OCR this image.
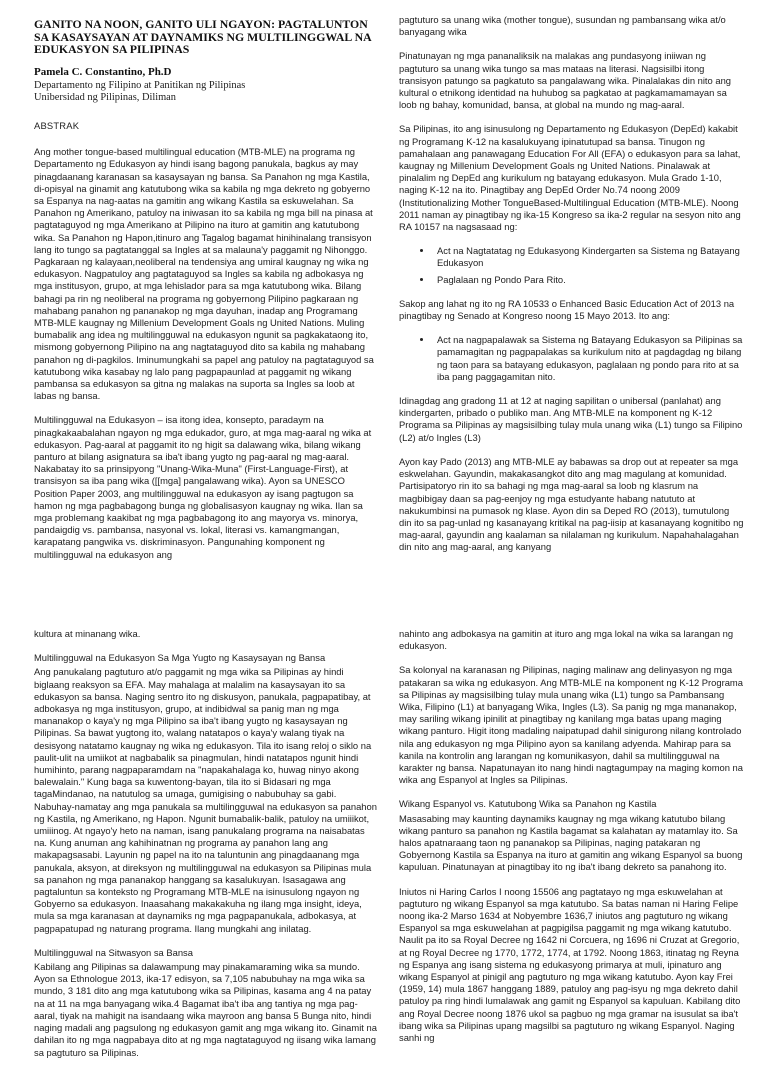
GANITO NA NOON, GANITO ULI NGAYON: PAGTALUNTON SA KASAYSAYAN AT DAYNAMIKS NG MULTILINGGWAL NA EDUKASYON SA PILIPINAS
Pamela C. Constantino, Ph.D
Departamento ng Filipino at Panitikan ng Pilipinas
Unibersidad ng Pilipinas, Diliman
ABSTRAK

Ang mother tongue-based multilingual education (MTB-MLE) na programa ng Departamento ng Edukasyon ay hindi isang bagong panukala, bagkus ay may pinagdaanang karanasan sa kasaysayan ng bansa. Sa Panahon ng mga Kastila, di-opisyal na ginamit ang katutubong wika sa kabila ng mga dekreto ng gobyerno sa Espanya na nag-aatas na gamitin ang wikang Kastila sa eskuwelahan. Sa Panahon ng Amerikano, patuloy na iniwasan ito sa kabila ng mga bill na pinasa at pagtataguyod ng mga Amerikano at Pilipino na ituro at gamitin ang katutubong wika. Sa Panahon ng Hapon,itinuro ang Tagalog bagamat hinihinalang transisyon lang ito tungo sa pagtatanggal sa Ingles at sa malauna'y paggamit ng Nihonggo. Pagkaraan ng kalayaan,neoliberal na tendensiya ang umiral kaugnay ng wika ng edukasyon. Nagpatuloy ang pagtataguyod sa Ingles sa kabila ng adbokasya ng mga institusyon, grupo, at mga lehislador para sa mga katutubong wika. Bilang bahagi pa rin ng neoliberal na programa ng gobyernong Pilipino pagkaraan ng mahabang panahon ng pananakop ng mga dayuhan, inadap ang Programang MTB-MLE kaugnay ng Millenium Development Goals ng United Nations. Muling bumabalik ang idea ng multilingguwal na edukasyon ngunit sa pagkakataong ito, mismong gobyernong Pilipino na ang nagtataguyod dito sa kabila ng mahabang panahon ng di-pagkilos. Iminumungkahi sa papel ang patuloy na pagtataguyod sa katutubong wika kasabay ng lalo pang pagpapaunlad at paggamit ng wikang pambansa sa edukasyon sa gitna ng malakas na suporta sa Ingles sa loob at labas ng bansa.

Multilingguwal na Edukasyon – isa itong idea, konsepto, paradaym na pinagkakaabalahan ngayon ng mga edukador, guro, at mga mag-aaral ng wika at edukasyon. Pag-aaral at paggamit ito ng higit sa dalawang wika, bilang wikang panturo at bilang asignatura sa iba't ibang yugto ng pag-aaral ng mag-aaral. Nakabatay ito sa prinsipyong "Unang-Wika-Muna" (First-Language-First), at transisyon sa iba pang wika ([[mga] pangalawang wika). Ayon sa UNESCO Position Paper 2003, ang multilingguwal na edukasyon ay isang pagtugon sa hamon ng mga pagbabagong bunga ng globalisasyon kaugnay ng wika. Ilan sa mga problemang kaakibat ng mga pagbabagong ito ang mayorya vs. minorya, pandaigdig vs. pambansa, nasyonal vs. lokal, literasi vs. kamangmangan, karapatang pangwika vs. diskriminasyon. Pangunahing komponent ng multilingguwal na edukasyon ang

pagtuturo sa unang wika (mother tongue), susundan ng pambansang wika at/o banyagang wika

Pinatunayan ng mga pananaliksik na malakas ang pundasyong iniiwan ng pagtuturo sa unang wika tungo sa mas mataas na literasi. Nagsisilbi itong transisyon patungo sa pagkatuto sa pangalawang wika. Pinalalakas din nito ang kultural o etnikong identidad na huhubog sa pagkatao at pagkamamamayan sa loob ng bahay, komunidad, bansa, at global na mundo ng mag-aaral.

Sa Pilipinas, ito ang isinusulong ng Departamento ng Edukasyon (DepEd) kakabit ng Programang K-12 na kasalukuyang ipinatutupad sa bansa. Tinugon ng pamahalaan ang panawagang Education For All (EFA) o edukasyon para sa lahat, kaugnay ng Millenium Development Goals ng United Nations. Pinalawak at pinalalim ng DepEd ang kurikulum ng batayang edukasyon. Mula Grado 1-10, naging K-12 na ito. Pinagtibay ang DepEd Order No.74 noong 2009 (Institutionalizing Mother TongueBased-Multilingual Education (MTB-MLE). Noong 2011 naman ay pinagtibay ng ika-15 Kongreso sa ika-2 regular na sesyon nito ang RA 10157 na nagsasaad ng:

• Act na Nagtatatag ng Edukasyong Kindergarten sa Sistema ng Batayang Edukasyon
• Paglalaan ng Pondo Para Rito.

Sakop ang lahat ng ito ng RA 10533 o Enhanced Basic Education Act of 2013 na pinagtibay ng Senado at Kongreso noong 15 Mayo 2013. Ito ang:

• Act na nagpapalawak sa Sistema ng Batayang Edukasyon sa Pilipinas sa pamamagitan ng pagpapalakas sa kurikulum nito at pagdagdag ng bilang ng taon para sa batayang edukasyon, paglalaan ng pondo para rito at sa iba pang paggagamitan nito.

Idinagdag ang gradong 11 at 12 at naging sapilitan o unibersal (panlahat) ang kindergarten, pribado o publiko man. Ang MTB-MLE na komponent ng K-12 Programa sa Pilipinas ay magsisilbing tulay mula unang wika (L1) tungo sa Filipino (L2) at/o Ingles (L3)

Ayon kay Pado (2013) ang MTB-MLE ay babawas sa drop out at repeater sa mga eskwelahan. Gayundin, makakasangkot dito ang mag magulang at komunidad. Partisipatoryo rin ito sa bahagi ng mga mag-aaral sa loob ng klasrum na magbibigay daan sa pag-eenjoy ng mga estudyante habang natututo at nakukumbinsi na pumasok ng klase. Ayon din sa Deped RO (2013), tumutulong din ito sa pag-unlad ng kasanayang kritikal na pag-iisip at kasanayang kognitibo ng mag-aaral, gayundin ang kaalaman sa nilalaman ng kurikulum. Napahahalagahan din nito ang mag-aaral, ang kanyang

kultura at minanang wika.

Multilingguwal na Edukasyon Sa Mga Yugto ng Kasaysayan ng Bansa

Ang panukalang pagtuturo at/o paggamit ng mga wika sa Pilipinas ay hindi biglaang reaksyon sa EFA. May mahalaga at malalim na kasaysayan ito sa edukasyon sa bansa. Naging sentro ito ng diskusyon, panukala, pagpapatibay, at adbokasya ng mga institusyon, grupo, at indibidwal sa panig man ng mga mananakop o kaya'y ng mga Pilipino sa iba't ibang yugto ng kasaysayan ng Pilipinas. Sa bawat yugtong ito, walang natatapos o kaya'y walang tiyak na desisyong natatamo kaugnay ng wika ng edukasyon. Tila ito isang reloj o siklo na paulit-ulit na umiikot at nagbabalik sa pinagmulan, hindi natatapos ngunit hindi humihinto, parang nagpaparamdam na "napakahalaga ko, huwag ninyo akong balewalain." Kung baga sa kuwentong-bayan, tila ito si Bidasari ng mga tagaMindanao, na natutulog sa umaga, gumigising o nabubuhay sa gabi. Nabuhay-namatay ang mga panukala sa multilingguwal na edukasyon sa panahon ng Kastila, ng Amerikano, ng Hapon. Ngunit bumabalik-balik, patuloy na umiiikot, umiiinog. At ngayo'y heto na naman, isang panukalang programa na naisabatas na. Kung anuman ang kahihinatnan ng programa ay panahon lang ang makapagsasabi. Layunin ng papel na ito na taluntunin ang pinagdaanang mga panukala, aksyon, at direksyon ng multilingguwal na edukasyon sa Pilipinas mula sa panahon ng mga pananakop hanggang sa kasalukuyan. Isasagawa ang pagtaluntun sa konteksto ng Programang MTB-MLE na isinusulong ngayon ng Gobyerno sa edukasyon. Inaasahang makakakuha ng ilang mga insight, ideya, mula sa mga karanasan at daynamiks ng mga pagpapanukala, adbokasya, at pagpapatupad ng naturang programa. Ilang mungkahi ang inilatag.

Multilingguwal na Sitwasyon sa Bansa

Kabilang ang Pilipinas sa dalawampung may pinakamaraming wika sa mundo. Ayon sa Ethnologue 2013, ika-17 edisyon, sa 7,105 nabubuhay na mga wika sa mundo, 3 181 dito ang mga katutubong wika sa Pilipinas, kasama ang 4 na patay na at 11 na mga banyagang wika.4 Bagamat iba't iba ang tantiya ng mga pag-aaral, tiyak na mahigit na isandaang wika mayroon ang bansa 5 Bunga nito, hindi naging madali ang pagsulong ng edukasyon gamit ang mga wikang ito. Ginamit na dahilan ito ng mga nagpabaya dito at ng mga nagtataguyod ng iisang wika lamang sa pagtuturo sa Pilipinas.

nahinto ang adbokasya na gamitin at ituro ang mga lokal na wika sa larangan ng edukasyon.

Sa kolonyal na karanasan ng Pilipinas, naging malinaw ang delinyasyon ng mga patakaran sa wika ng edukasyon. Ang MTB-MLE na komponent ng K-12 Programa sa Pilipinas ay magsisilbing tulay mula unang wika (L1) tungo sa Pambansang Wika, Filipino (L1) at banyagang Wika, Ingles (L3). Sa panig ng mga mananakop, may sariling wikang ipinilit at pinagtibay ng kanilang mga batas upang maging wikang panturo. Higit itong madaling naipatupad dahil sinigurong nilang kontrolado nila ang edukasyon ng mga Pilipino ayon sa kanilang adyenda. Mahirap para sa kanila na kontrolin ang larangan ng komunikasyon, dahil sa multilingguwal na karakter ng bansa. Napatunayan ito nang hindi nagtagumpay na maging komon na wika ang Espanyol at Ingles sa Pilipinas.

Wikang Espanyol vs. Katutubong Wika sa Panahon ng Kastila

Masasabing may kaunting daynamiks kaugnay ng mga wikang katutubo bilang wikang panturo sa panahon ng Kastila bagamat sa kalahatan ay matamlay ito. Sa halos apatnaraang taon ng pananakop sa Pilipinas, naging patakaran ng Gobyernong Kastila sa Espanya na ituro at gamitin ang wikang Espanyol sa buong kapuluan. Pinatunayan at pinagtibay ito ng iba't ibang dekreto sa panahong ito.

Iniutos ni Haring Carlos I noong 15506 ang pagtatayo ng mga eskuwelahan at pagtuturo ng wikang Espanyol sa mga katutubo. Sa batas naman ni Haring Felipe noong ika-2 Marso 1634 at Nobyembre 1636,7 iniutos ang pagtuturo ng wikang Espanyol sa mga eskuwelahan at pagpigilsa paggamit ng mga wikang katutubo. Naulit pa ito sa Royal Decree ng 1642 ni Corcuera, ng 1696 ni Cruzat at Gregorio, at ng Royal Decree ng 1770, 1772, 1774, at 1792. Noong 1863, itinatag ng Reyna ng Espanya ang isang sistema ng edukasyong primarya at muli, ipinaturo ang wikang Espanyol at pinigil ang pagtuturo ng mga wikang katutubo. Ayon kay Frei (1959, 14) mula 1867 hanggang 1889, patuloy ang pag-isyu ng mga dekreto dahil patuloy pa ring hindi lumalawak ang gamit ng Espanyol sa kapuluan. Kabilang dito ang Royal Decree noong 1876 ukol sa pagbuo ng mga gramar na isusulat sa iba't ibang wika sa Pilipinas upang magsilbi sa pagtuturo ng wikang Espanyol. Naging sanhi ng
